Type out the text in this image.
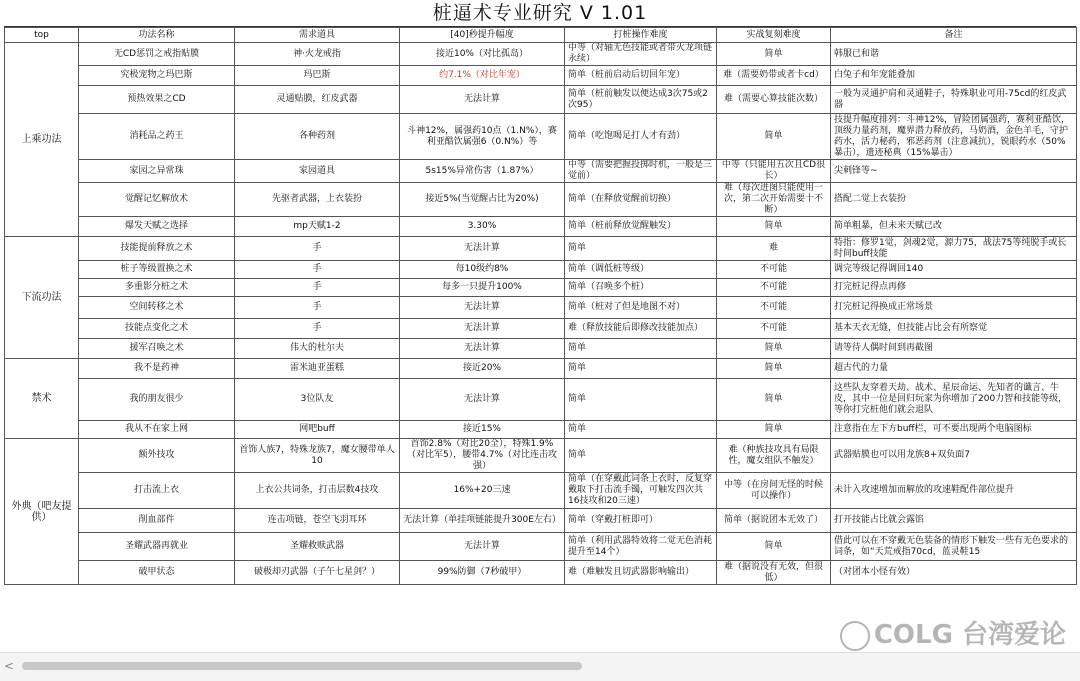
桩逼术专业研究 V 1.01
top	功法名称	需求道具	[40]秒提升幅度	打桩操作难度	实战复刻难度	备注
上乘功法	无CD惩罚之戒指贴膜	神·火龙戒指	接近10%（对比孤岛）	中等（对轴无色技能或者带火龙项链永续）	简单	韩服已和谐
	究极宠物之玛巴斯	玛巴斯	约7.1%（对比年宠）	简单（桩前启动后切回年宠）	难（需要奶带或者卡cd）	白兔子和年宠能叠加
	预热效果之CD	灵通贴膜，红皮武器	无法计算	简单（桩前触发以便达成3次75或2次95）	难（需要心算技能次数）	一般为灵通护肩和灵通鞋子，特殊职业可用-75cd的红皮武器
	消耗品之药王	各种药剂	斗神12%，属强药10点（1.N%），赛利亚酷饮属强6（0.N%）等	简单（吃饱喝足打人才有劲）	简单	技提升幅度排列：斗神12%，冒险团属强药，赛利亚酷饮，顶级力量药剂，魔界潜力释放药，马奶酒，金色羊毛，守护药水，活力秘药，邪恶药剂（注意减抗），锐眼药水（50%暴击），遗迹秘典（15%暴击）
	家园之异常珠	家园道具	5s15%异常伤害（1.87%）	中等（需要把握投掷时机，一般是三觉前）	中等（只能用五次且CD很长）	尖刺锋等~
	觉醒记忆解放术	先驱者武器，上衣装扮	接近5%(当觉醒占比为20%)	简单（在释放觉醒前切换）	难（每次进图只能使用一次，第二次开始需要十不断）	搭配二觉上衣装扮
	爆发天赋之选择	mp天赋1-2	3.30%	简单（桩前释放觉醒触发）	简单	简单粗暴，但未来天赋已改
下流功法	技能提前释放之术	手	无法计算	简单	难	特指：修罗1觉，剑魂2觉，源力75，战法75等纯脱手或长时间buff技能
	桩子等级置换之术	手	每10级约8%	简单（调低桩等级）	不可能	调完等级记得调回140
	多重影分桩之术	手	每多一只提升100%	简单（召唤多个桩）	不可能	打完桩记得点再修
	空间转移之术	手	无法计算	简单（桩对了但是地图不对）	不可能	打完桩记得换成正常场景
	技能点变化之术	手	无法计算	难（释放技能后即修改技能加点）	不可能	基本天衣无缝，但技能占比会有所察觉
	援军召唤之术	伟大的杜尔夫	无法计算	简单	简单	请等待人偶时间到再截图
禁术	我不是药神	雷米迪亚蛋糕	接近20%	简单	简单	超古代的力量
	我的朋友很少	3位队友	无法计算	简单	简单	这些队友穿着天劫、战术、星辰命运、先知者的谶言、牛皮，其中一位是回归玩家为你增加了200力智和技能等级，等你打完桩他们就会退队
	我从不在家上网	网吧buff	接近15%	简单	简单	注意指在左下方buff栏，可不要出现两个电脑图标
外典（吧友提供）	额外技攻	首饰人族7，特殊龙族7，魔女腰带单人10	首饰2.8%（对比20全），特殊1.9%（对比军5），腰带4.7%（对比连击攻强）	简单	难（种族技攻具有局限性，魔女组队不触发）	武器贴膜也可以用龙族8+双负面7
	打击流上衣	上衣公共词条，打击层数4技攻	16%+20三速	简单（在穿戴此词条上衣时，反复穿戴取下打击流手镯，可触发四次共16技攻和20三速）	中等（在房间无怪的时候可以操作）	未计入攻速增加而解放的攻速鞋配件部位提升
	削血部件	连击项链，苍空飞羽耳环	无法计算（单挂项链能提升300E左右）	简单（穿戴打桩即可）	简单（据说团本无效了）	打开技能占比就会露馅
	圣耀武器再就业	圣耀救赎武器	无法计算	简单（利用武器特效将二觉无色消耗提升至14个）	简单	借此可以在不穿戴无色装备的情形下触发一些有无色要求的词条，如“天荒戒指70cd，蓝灵鞋15
	破甲状态	破极却刃武器（子午七星剑？）	99%防御（7秒破甲）	难（难触发且切武器影响输出）	难（据说没有无效，但很低）	（对团本小怪有效）
<
COLG 台湾爱论
